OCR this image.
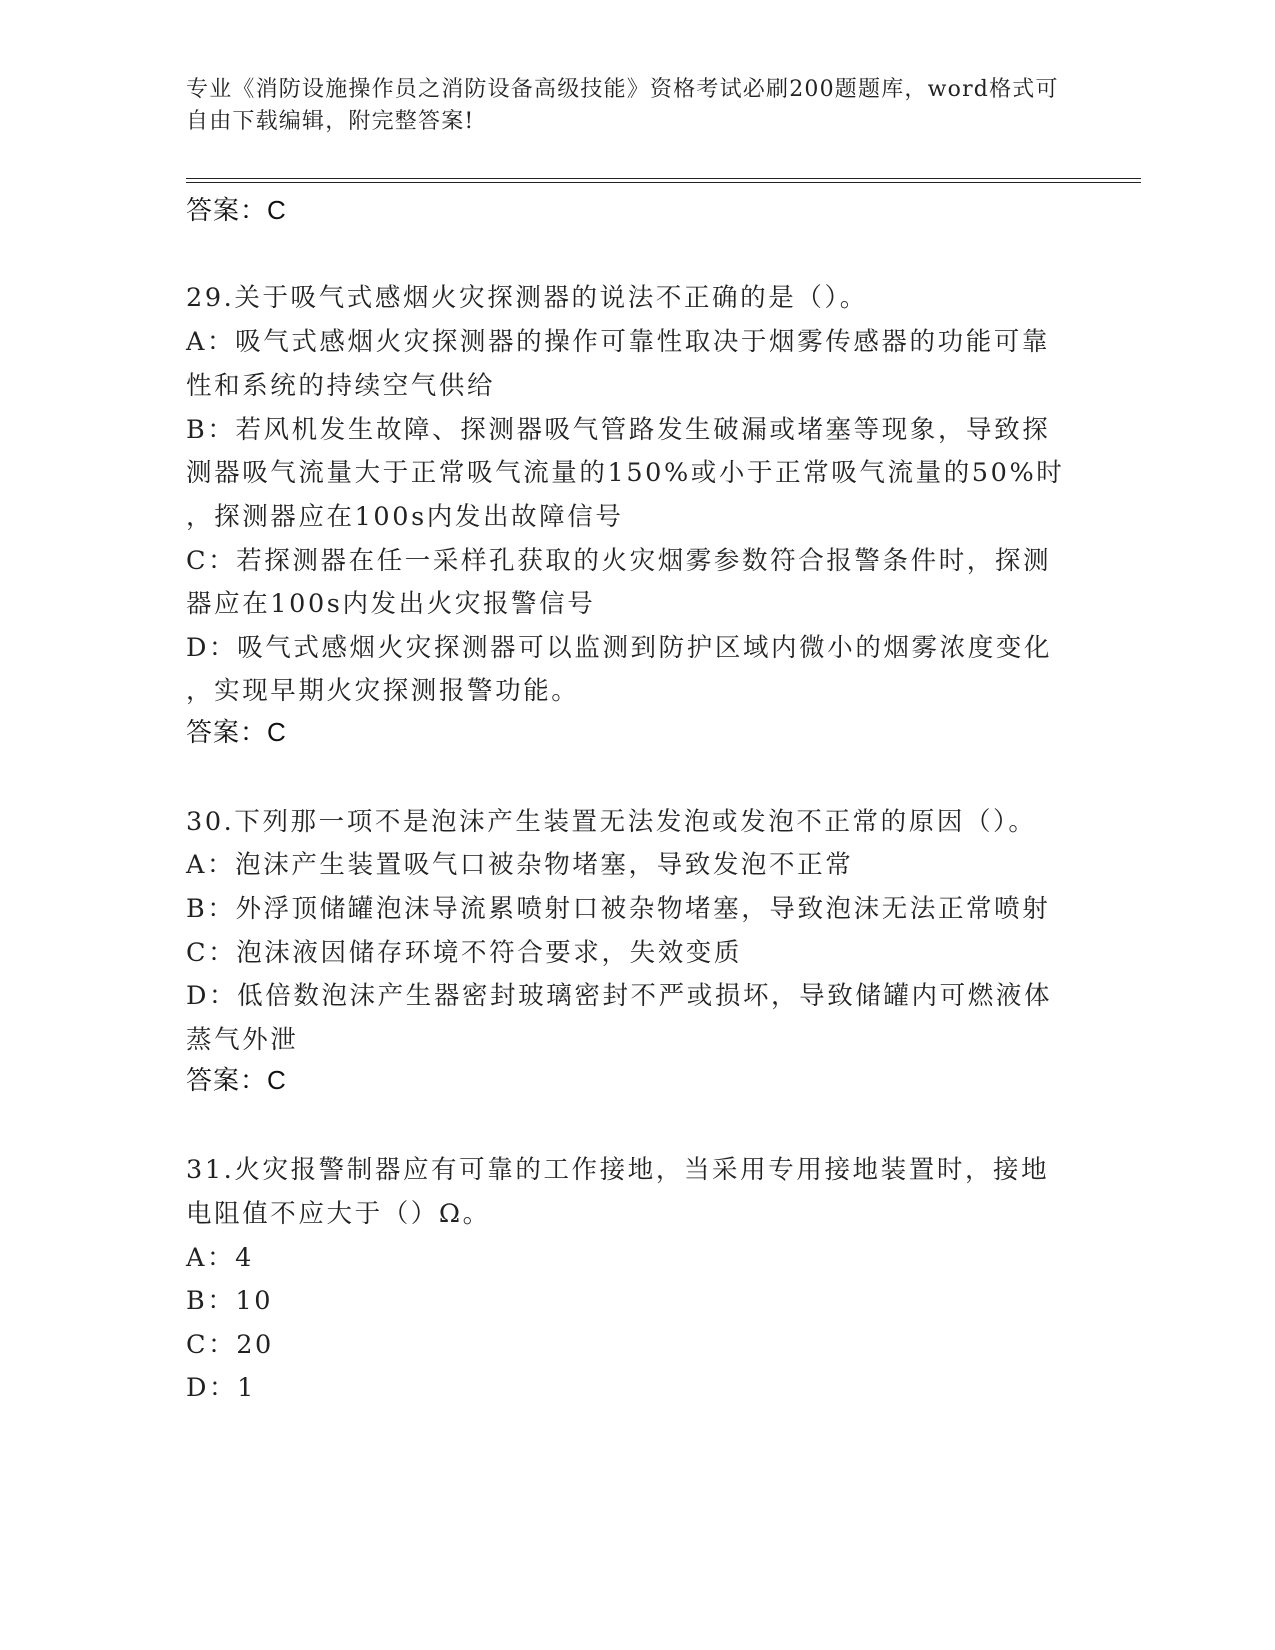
专业《消防设施操作员之消防设备高级技能》资格考试必刷200题题库，word格式可自由下载编辑，附完整答案!
答案：C
29.关于吸气式感烟火灾探测器的说法不正确的是（）。
A：吸气式感烟火灾探测器的操作可靠性取决于烟雾传感器的功能可靠
性和系统的持续空气供给
B：若风机发生故障、探测器吸气管路发生破漏或堵塞等现象，导致探
测器吸气流量大于正常吸气流量的150%或小于正常吸气流量的50%时
，探测器应在100s内发出故障信号
C：若探测器在任一采样孔获取的火灾烟雾参数符合报警条件时，探测
器应在100s内发出火灾报警信号
D：吸气式感烟火灾探测器可以监测到防护区域内微小的烟雾浓度变化
，实现早期火灾探测报警功能。
答案：C
30.下列那一项不是泡沫产生装置无法发泡或发泡不正常的原因（）。
A：泡沫产生装置吸气口被杂物堵塞，导致发泡不正常
B：外浮顶储罐泡沫导流累喷射口被杂物堵塞，导致泡沫无法正常喷射
C：泡沫液因储存环境不符合要求，失效变质
D：低倍数泡沫产生器密封玻璃密封不严或损坏，导致储罐内可燃液体
蒸气外泄
答案：C
31.火灾报警制器应有可靠的工作接地，当采用专用接地装置时，接地
电阻值不应大于（）Ω。
A：4
B：10
C：20
D：1
